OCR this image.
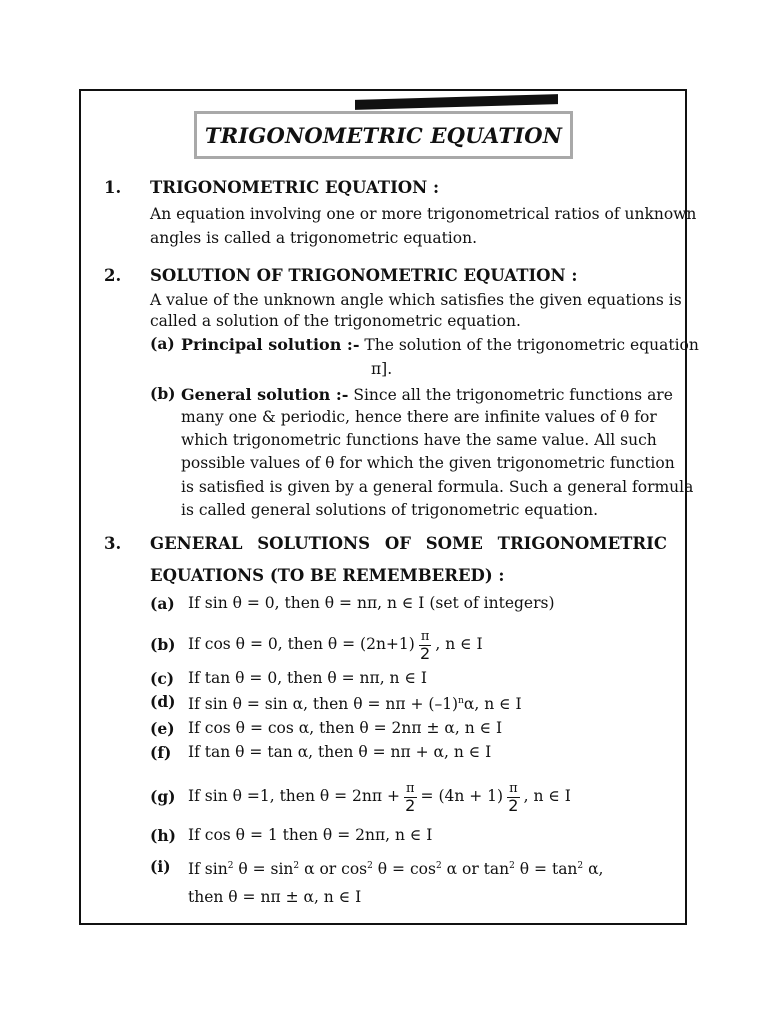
TRIGONOMETRIC EQUATION
1. TRIGONOMETRIC EQUATION :
An equation involving one or more trigonometrical ratios of unknown
angles is called a trigonometric equation.
2. SOLUTION OF TRIGONOMETRIC EQUATION :
A value of the unknown angle which satisfies the given equations is
called a solution of the trigonometric equation.
(a) Principal solution :- The solution of the trigonometric equation
π].
(b) General solution :- Since all the trigonometric functions are
many one & periodic, hence there are infinite values of θ for
which trigonometric functions have the same value. All such
possible values of θ for which the given trigonometric function
is satisfied is given by a general formula. Such a general formula
is called general solutions of trigonometric equation.
3. GENERAL SOLUTIONS OF SOME TRIGONOMETRIC
EQUATIONS (TO BE REMEMBERED) :
(a) If sin θ = 0, then θ = nπ, n ∈ I (set of integers)
(b) If cos θ = 0, then $\theta = (2n+1) \frac{\pi}{2}$ , n ∈ I
(c) If tan θ = 0, then θ = nπ, n ∈ I
(d) If sin θ = sin α, then $\theta = n\pi + (-1)^n\alpha$, n ∈ I
(e) If cos θ = cos α, then θ = 2nπ ± α, n ∈ I
(f) If tan θ = tan α, then θ = nπ + α, n ∈ I
(g) If sin θ =1, then $\theta = 2n\pi + \frac{\pi}{2} = (4n + 1) \frac{\pi}{2}$ , n ∈ I
(h) If cos θ = 1 then θ = 2nπ, n ∈ I
(i) If $\sin^2 \theta = \sin^2 \alpha$ or $\cos^2 \theta = \cos^2 \alpha$ or $\tan^2 \theta = \tan^2 \alpha$,
then θ = nπ ± α, n ∈ I
